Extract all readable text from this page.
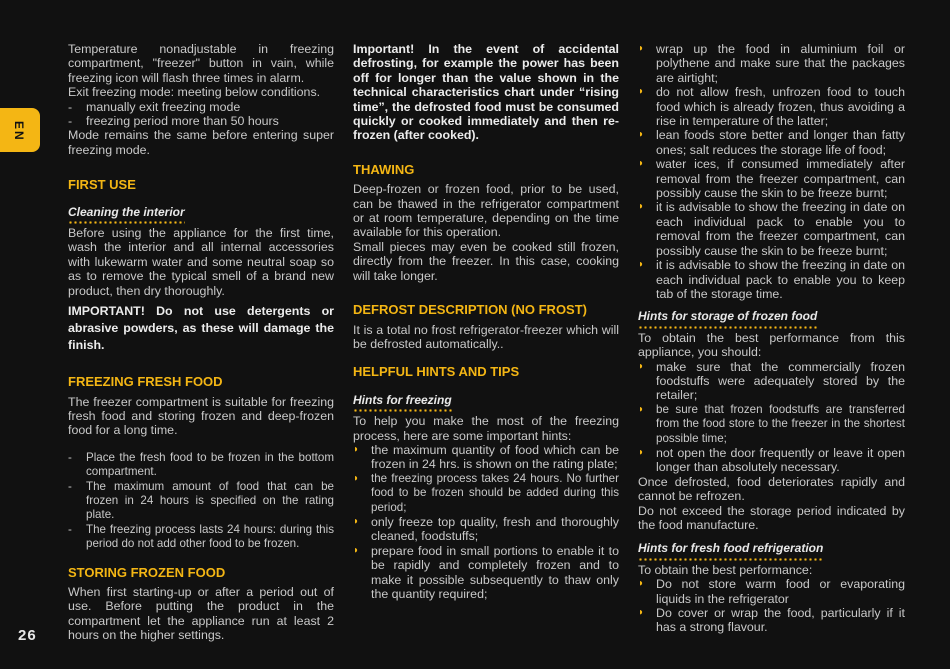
EN
26

Temperature nonadjustable in freezing compartment, "freezer" button in vain, while freezing icon will flash three times in alarm.

Exit freezing mode: meeting below conditions.

-	manually exit freezing mode
-	freezing period more than 50 hours

Mode remains the same before entering super freezing mode.

FIRST USE
Cleaning the interior

Before using the appliance for the first time, wash the interior and all internal accessories with lukewarm water and some neutral soap so as to remove the typical smell of a brand new product, then dry thoroughly.

IMPORTANT! Do not use detergents or abrasive powders, as these will damage the finish.

FREEZING FRESH FOOD

The freezer compartment is suitable for freezing fresh food and storing frozen and deep-frozen food for a long time.

-	Place the fresh food to be frozen in the bottom compartment.
-	The maximum amount of food that can be frozen in 24 hours is specified on the rating plate.
-	The freezing process lasts 24 hours: during this period do not add other food to be frozen.
STORING FROZEN FOOD

When first starting-up or after a period out of use. Before putting the product in the compartment let the appliance run at least 2 hours on the higher settings.

Important! In the event of accidental defrosting, for example the power has been off for longer than the value shown in the technical characteristics chart under “rising time”, the defrosted food must be consumed quickly or cooked immediately and then re-frozen (after cooked).

THAWING

Deep-frozen or frozen food, prior to be used, can be thawed in the refrigerator compartment or at room temperature, depending on the time available for this operation.

Small pieces may even be cooked still frozen, directly from the freezer. In this case, cooking will take longer.

DEFROST DESCRIPTION (NO FROST)

It is a total no frost refrigerator-freezer which will be defrosted automatically..

HELPFUL HINTS AND TIPS
Hints for freezing

To help you make the most of the freezing process, here are some important hints:

◗ the maximum quantity of food which can be frozen in 24 hrs. is shown on the rating plate;
◗	the freezing process takes 24 hours. No further food to be frozen should be added during this period;
◗ only freeze top quality, fresh and thoroughly cleaned, foodstuffs;
◗ prepare food in small portions to enable it to be rapidly and completely frozen and to make it possible subsequently to thaw only the quantity required;
◗ wrap up the food in aluminium foil or polythene and make sure that the packages are airtight;
◗ do not allow fresh, unfrozen food to touch food which is already frozen, thus avoiding a rise in temperature of the latter;
◗ lean foods store better and longer than fatty ones; salt reduces the storage life of food;
◗ water ices, if consumed immediately after removal from the freezer compartment, can possibly cause the skin to be freeze burnt;
◗ it is advisable to show the freezing in date on each individual pack to enable you to removal from the freezer compartment, can possibly cause the skin to be freeze burnt;
◗ it is advisable to show the freezing in date on each individual pack to enable you to keep tab of the storage time.
Hints for storage of frozen food

To obtain the best performance from this appliance, you should:

◗ make sure that the commercially frozen foodstuffs were adequately stored by the retailer;
◗	be sure that frozen foodstuffs are transferred from the food store to the freezer in the shortest possible time;
◗ not open the door frequently or leave it open longer than absolutely necessary.

Once defrosted, food deteriorates rapidly and cannot be refrozen.

Do not exceed the storage period indicated by the food manufacture.

Hints for fresh food refrigeration

To obtain the best performance:

◗ Do not store warm food or evaporating liquids in the refrigerator
◗ Do cover or wrap the food, particularly if it has a strong flavour.
